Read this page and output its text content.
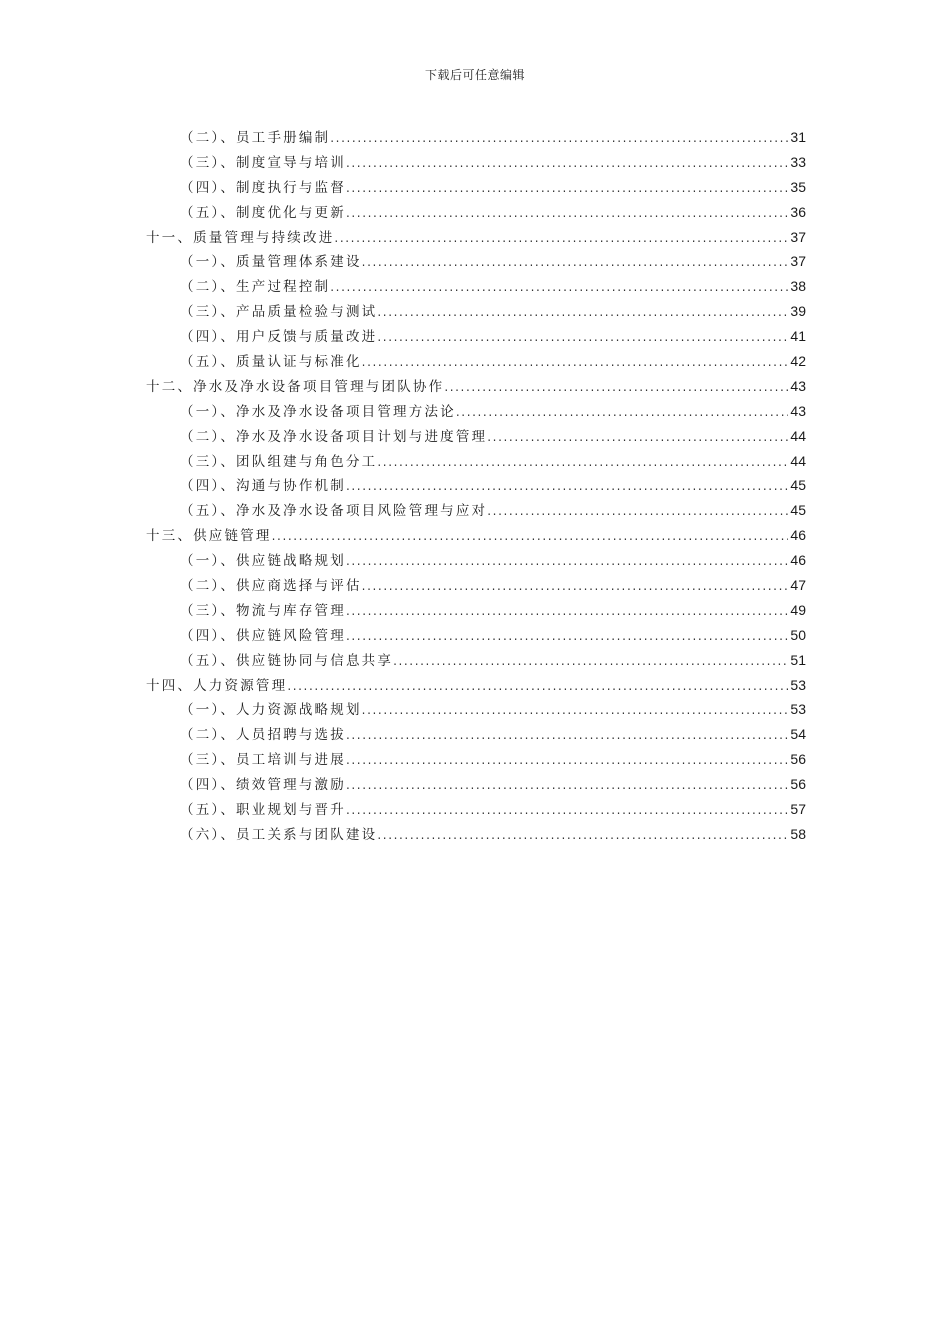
下载后可任意编辑
（二）、员工手册编制 .....	31
（三）、制度宣导与培训 .....	33
（四）、制度执行与监督 .....	35
（五）、制度优化与更新 .....	36
十一、质量管理与持续改进 .....	37
（一）、质量管理体系建设 .....	37
（二）、生产过程控制 .....	38
（三）、产品质量检验与测试 .....	39
（四）、用户反馈与质量改进 .....	41
（五）、质量认证与标准化 .....	42
十二、净水及净水设备项目管理与团队协作 .....	43
（一）、净水及净水设备项目管理方法论 .....	43
（二）、净水及净水设备项目计划与进度管理 .....	44
（三）、团队组建与角色分工 .....	44
（四）、沟通与协作机制 .....	45
（五）、净水及净水设备项目风险管理与应对 .....	45
十三、供应链管理 .....	46
（一）、供应链战略规划 .....	46
（二）、供应商选择与评估 .....	47
（三）、物流与库存管理 .....	49
（四）、供应链风险管理 .....	50
（五）、供应链协同与信息共享 .....	51
十四、人力资源管理 .....	53
（一）、人力资源战略规划 .....	53
（二）、人员招聘与选拔 .....	54
（三）、员工培训与进展 .....	56
（四）、绩效管理与激励 .....	56
（五）、职业规划与晋升 .....	57
（六）、员工关系与团队建设 .....	58
